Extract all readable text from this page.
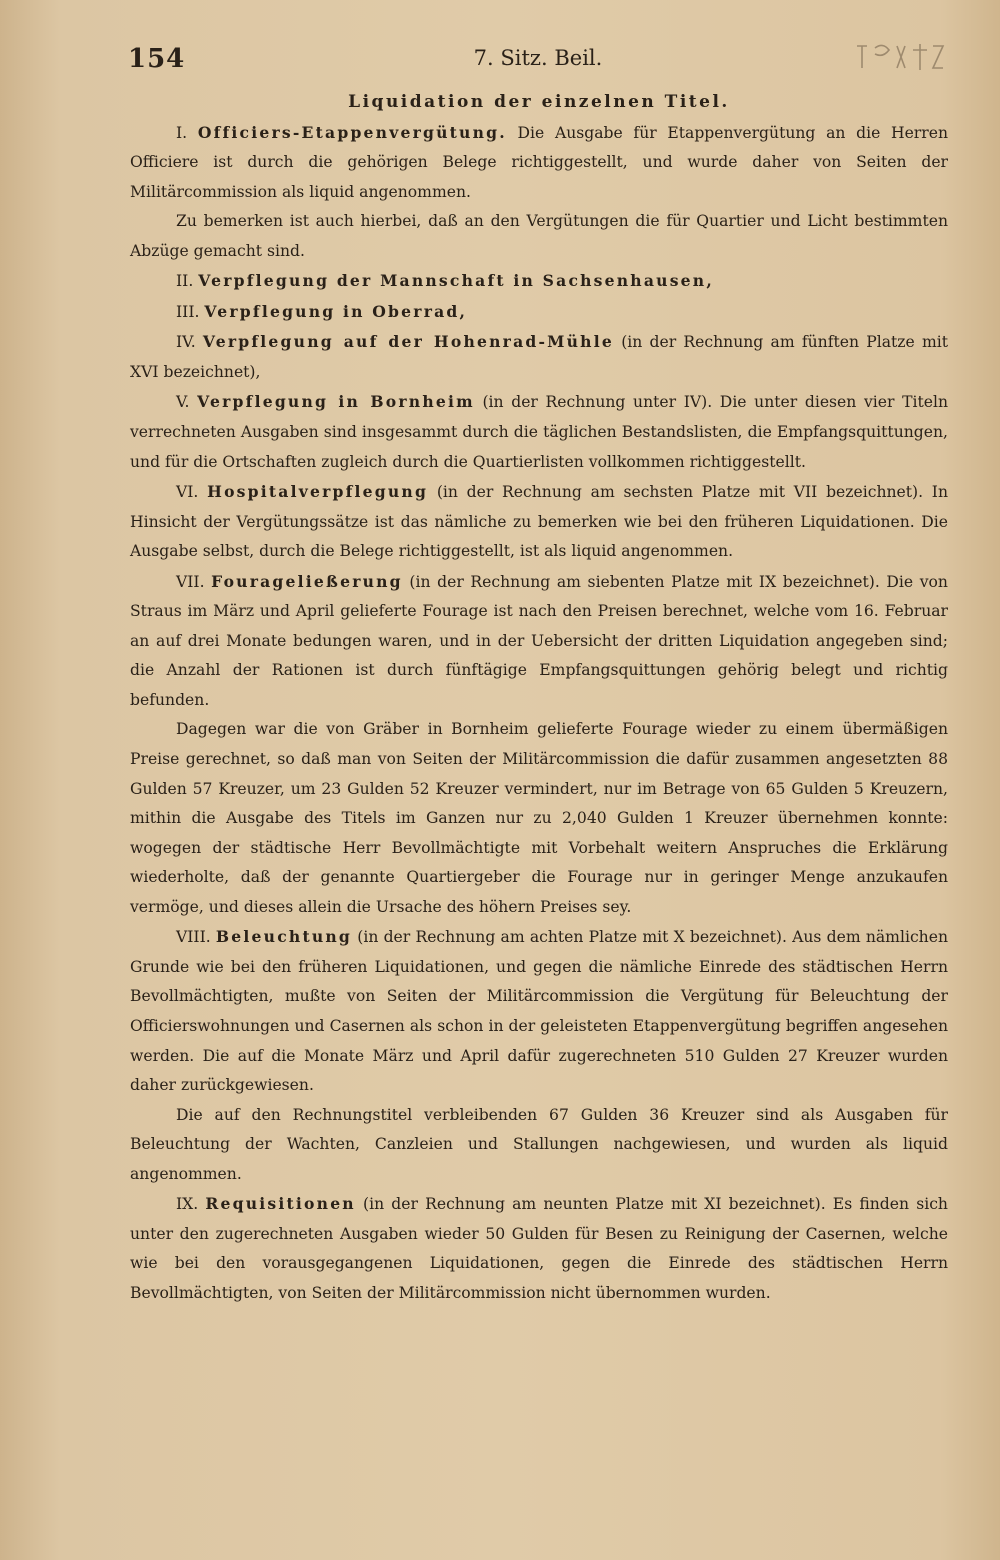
154	7. Sitz. Beil.

Liquidation der einzelnen Titel.

I. Officiers-Etappenvergütung. Die Ausgabe für Etappenvergütung an die Herren Officiere ist durch die gehörigen Belege richtiggestellt, und wurde daher von Seiten der Militärcommission als liquid angenommen.

Zu bemerken ist auch hierbei, daß an den Vergütungen die für Quartier und Licht bestimmten Abzüge gemacht sind.

II. Verpflegung der Mannschaft in Sachsenhausen,

III. Verpflegung in Oberrad,

IV. Verpflegung auf der Hohenrad-Mühle (in der Rechnung am fünften Platze mit XVI bezeichnet),

V. Verpflegung in Bornheim (in der Rechnung unter IV). Die unter diesen vier Titeln verrechneten Ausgaben sind insgesammt durch die täglichen Bestandslisten, die Empfangsquittungen, und für die Ortschaften zugleich durch die Quartierlisten vollkommen richtiggestellt.

VI. Hospitalverpflegung (in der Rechnung am sechsten Platze mit VII bezeichnet). In Hinsicht der Vergütungssätze ist das nämliche zu bemerken wie bei den früheren Liquidationen. Die Ausgabe selbst, durch die Belege richtiggestellt, ist als liquid angenommen.

VII. Fourageließerung (in der Rechnung am siebenten Platze mit IX bezeichnet). Die von Straus im März und April gelieferte Fourage ist nach den Preisen berechnet, welche vom 16. Februar an auf drei Monate bedungen waren, und in der Uebersicht der dritten Liquidation angegeben sind; die Anzahl der Rationen ist durch fünftägige Empfangsquittungen gehörig belegt und richtig befunden.

Dagegen war die von Gräber in Bornheim gelieferte Fourage wieder zu einem übermäßigen Preise gerechnet, so daß man von Seiten der Militärcommission die dafür zusammen angesetzten 88 Gulden 57 Kreuzer, um 23 Gulden 52 Kreuzer vermindert, nur im Betrage von 65 Gulden 5 Kreuzern, mithin die Ausgabe des Titels im Ganzen nur zu 2,040 Gulden 1 Kreuzer übernehmen konnte: wogegen der städtische Herr Bevollmächtigte mit Vorbehalt weitern Anspruches die Erklärung wiederholte, daß der genannte Quartiergeber die Fourage nur in geringer Menge anzukaufen vermöge, und dieses allein die Ursache des höhern Preises sey.

VIII. Beleuchtung (in der Rechnung am achten Platze mit X bezeichnet). Aus dem nämlichen Grunde wie bei den früheren Liquidationen, und gegen die nämliche Einrede des städtischen Herrn Bevollmächtigten, mußte von Seiten der Militärcommission die Vergütung für Beleuchtung der Officierswohnungen und Casernen als schon in der geleisteten Etappenvergütung begriffen angesehen werden. Die auf die Monate März und April dafür zugerechneten 510 Gulden 27 Kreuzer wurden daher zurückgewiesen.

Die auf den Rechnungstitel verbleibenden 67 Gulden 36 Kreuzer sind als Ausgaben für Beleuchtung der Wachten, Canzleien und Stallungen nachgewiesen, und wurden als liquid angenommen.

IX. Requisitionen (in der Rechnung am neunten Platze mit XI bezeichnet). Es finden sich unter den zugerechneten Ausgaben wieder 50 Gulden für Besen zu Reinigung der Casernen, welche wie bei den vorausgegangenen Liquidationen, gegen die Einrede des städtischen Herrn Bevollmächtigten, von Seiten der Militärcommission nicht übernommen wurden.
